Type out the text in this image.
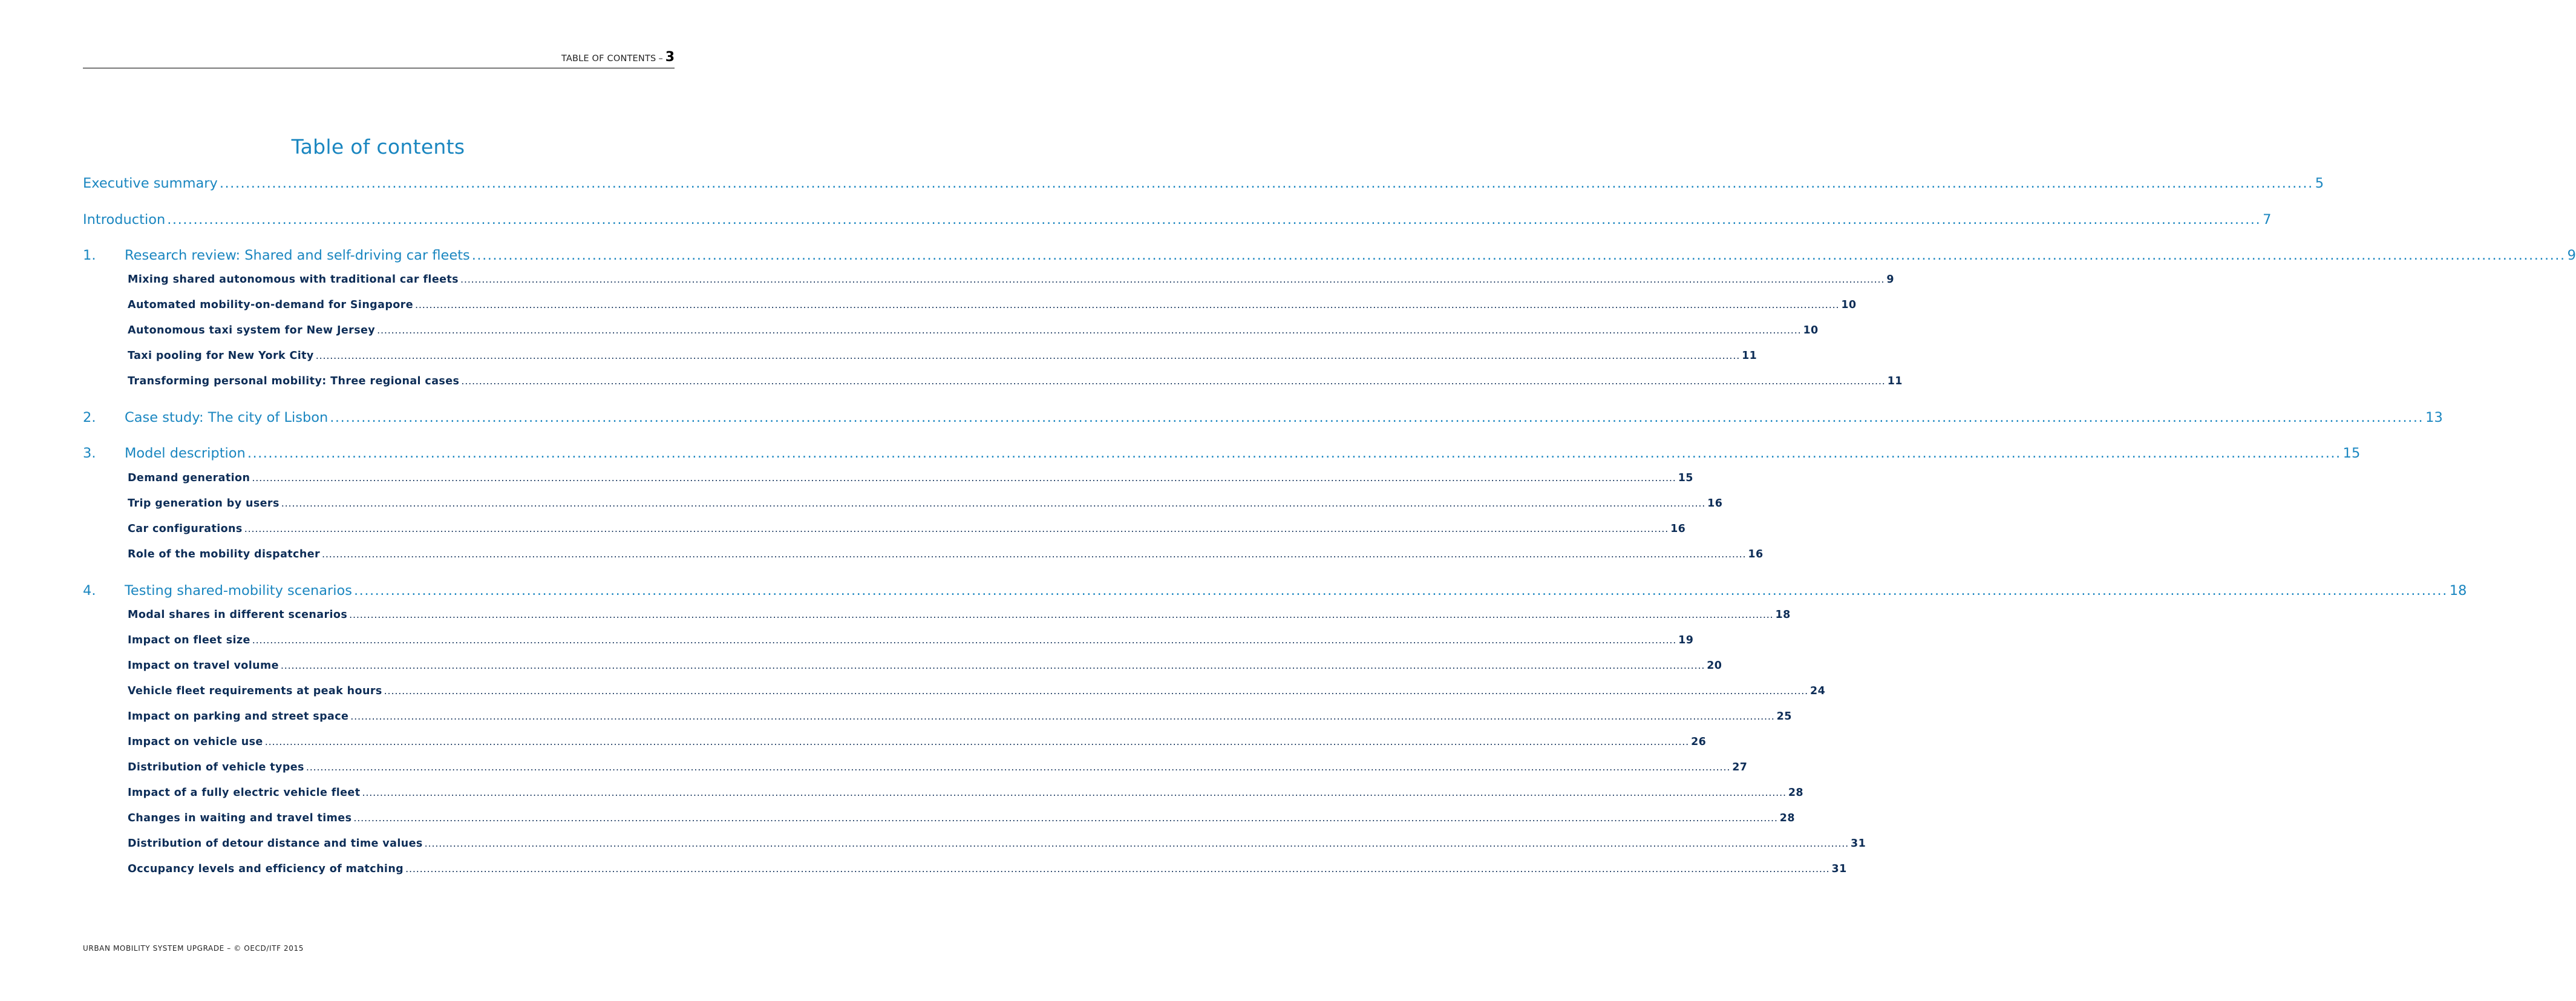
TABLE OF CONTENTS – 3
Table of contents
Executive summary ................................................................................................................................................................................................................................................................................................................................................................................................................ 5
Introduction ................................................................................................................................................................................................................................................................................................................................................................................................................ 7
1.	Research review: Shared and self-driving car fleets ................................................................................................................................................................................................................................................................................................................................................................................................................ 9
Mixing shared autonomous with traditional car fleets ................................................................................................................................................................................................................................................................................................................................................................................................................ 9
Automated mobility-on-demand for Singapore ................................................................................................................................................................................................................................................................................................................................................................................................................ 10
Autonomous taxi system for New Jersey ................................................................................................................................................................................................................................................................................................................................................................................................................ 10
Taxi pooling for New York City ................................................................................................................................................................................................................................................................................................................................................................................................................ 11
Transforming personal mobility: Three regional cases ................................................................................................................................................................................................................................................................................................................................................................................................................ 11
2.	Case study: The city of Lisbon ................................................................................................................................................................................................................................................................................................................................................................................................................ 13
3.	Model description ................................................................................................................................................................................................................................................................................................................................................................................................................ 15
Demand generation ................................................................................................................................................................................................................................................................................................................................................................................................................ 15
Trip generation by users ................................................................................................................................................................................................................................................................................................................................................................................................................ 16
Car configurations ................................................................................................................................................................................................................................................................................................................................................................................................................ 16
Role of the mobility dispatcher ................................................................................................................................................................................................................................................................................................................................................................................................................ 16
4.	Testing shared-mobility scenarios ................................................................................................................................................................................................................................................................................................................................................................................................................ 18
Modal shares in different scenarios ................................................................................................................................................................................................................................................................................................................................................................................................................ 18
Impact on fleet size ................................................................................................................................................................................................................................................................................................................................................................................................................ 19
Impact on travel volume ................................................................................................................................................................................................................................................................................................................................................................................................................ 20
Vehicle fleet requirements at peak hours ................................................................................................................................................................................................................................................................................................................................................................................................................ 24
Impact on parking and street space ................................................................................................................................................................................................................................................................................................................................................................................................................ 25
Impact on vehicle use ................................................................................................................................................................................................................................................................................................................................................................................................................ 26
Distribution of vehicle types ................................................................................................................................................................................................................................................................................................................................................................................................................ 27
Impact of a fully electric vehicle fleet ................................................................................................................................................................................................................................................................................................................................................................................................................ 28
Changes in waiting and travel times ................................................................................................................................................................................................................................................................................................................................................................................................................ 28
Distribution of detour distance and time values ................................................................................................................................................................................................................................................................................................................................................................................................................ 31
Occupancy levels and efficiency of matching ................................................................................................................................................................................................................................................................................................................................................................................................................ 31
URBAN MOBILITY SYSTEM UPGRADE – © OECD/ITF 2015
